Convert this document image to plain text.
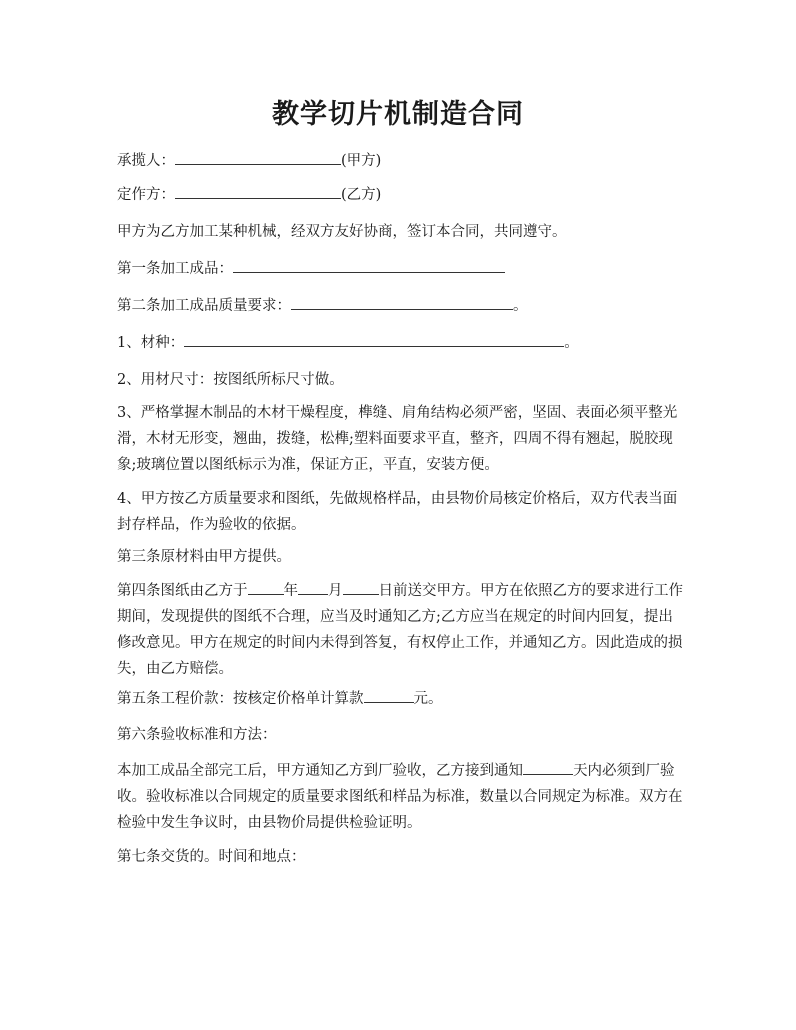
教学切片机制造合同

承揽人：	(甲方)

定作方：	(乙方)

甲方为乙方加工某种机械，经双方友好协商，签订本合同，共同遵守。

第一条加工成品：

第二条加工成品质量要求：	。

1、材种：	。

2、用材尺寸：按图纸所标尺寸做。

3、严格掌握木制品的木材干燥程度，榫缝、肩角结构必须严密，坚固、表面必须平整光滑，木材无形变，翘曲，拨缝，松榫;塑料面要求平直，整齐，四周不得有翘起，脱胶现象;玻璃位置以图纸标示为准，保证方正，平直，安装方便。

4、甲方按乙方质量要求和图纸，先做规格样品，由县物价局核定价格后，双方代表当面封存样品，作为验收的依据。

第三条原材料由甲方提供。

第四条图纸由乙方于 年 月 日前送交甲方。甲方在依照乙方的要求进行工作期间，发现提供的图纸不合理，应当及时通知乙方;乙方应当在规定的时间内回复，提出修改意见。甲方在规定的时间内未得到答复，有权停止工作，并通知乙方。因此造成的损失，由乙方赔偿。

第五条工程价款：按核定价格单计算款	元。

第六条验收标准和方法：

本加工成品全部完工后，甲方通知乙方到厂验收，乙方接到通知	天内必须到厂验收。验收标准以合同规定的质量要求图纸和样品为标准，数量以合同规定为标准。双方在检验中发生争议时，由县物价局提供检验证明。

第七条交货的。时间和地点：
